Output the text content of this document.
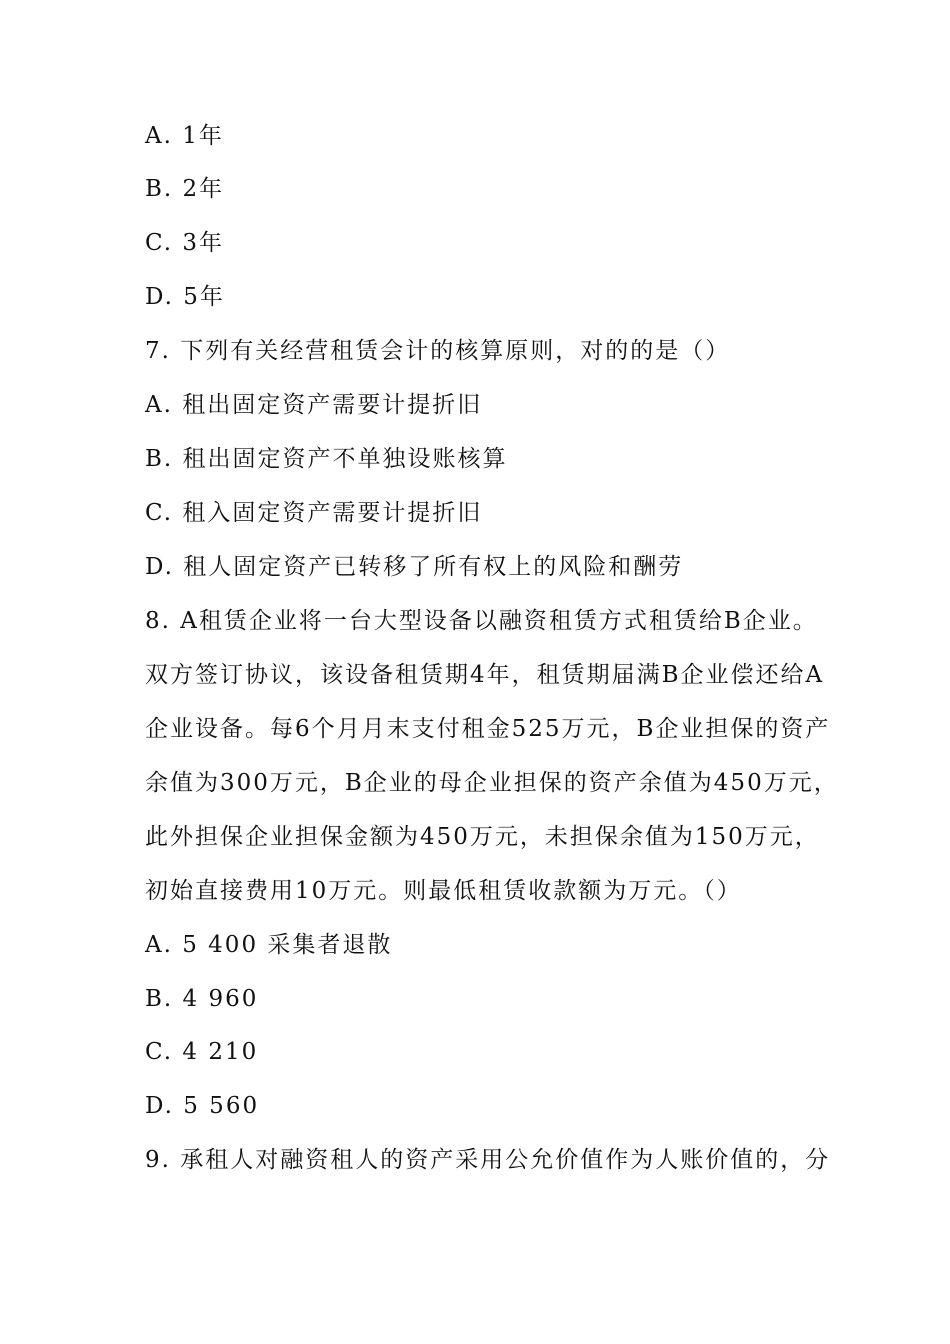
A. 1年
B. 2年
C. 3年
D. 5年
7. 下列有关经营租赁会计的核算原则，对的的是（）
A. 租出固定资产需要计提折旧
B. 租出固定资产不单独设账核算
C. 租入固定资产需要计提折旧
D. 租人固定资产已转移了所有权上的风险和酬劳
8. A租赁企业将一台大型设备以融资租赁方式租赁给B企业。
双方签订协议，该设备租赁期4年，租赁期届满B企业偿还给A
企业设备。每6个月月末支付租金525万元，B企业担保的资产
余值为300万元，B企业的母企业担保的资产余值为450万元，
此外担保企业担保金额为450万元，未担保余值为150万元，
初始直接费用10万元。则最低租赁收款额为万元。（）
A. 5 400 采集者退散
B. 4 960
C. 4 210
D. 5 560
9. 承租人对融资租人的资产采用公允价值作为人账价值的，分
